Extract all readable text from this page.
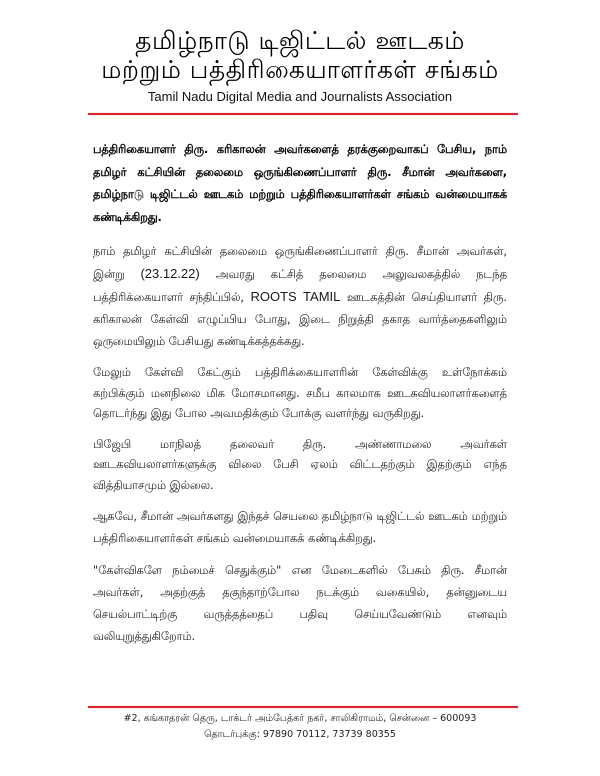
தமிழ்நாடு டிஜிட்டல் ஊடகம்
மற்றும் பத்திரிகையாளர்கள் சங்கம்
Tamil Nadu Digital Media and Journalists Association

பத்திரிகையாளர் திரு. கரிகாலன் அவர்களைத் தரக்குறைவாகப் பேசிய, நாம் தமிழர் கட்சியின் தலைமை ஒருங்கிணைப்பாளர் திரு. சீமான் அவர்களை, தமிழ்நாடு டிஜிட்டல் ஊடகம் மற்றும் பத்திரிகையாளர்கள் சங்கம் வன்மையாகக் கண்டிக்கிறது.

நாம் தமிழர் கட்சியின் தலைமை ஒருங்கிணைப்பாளர் திரு. சீமான் அவர்கள், இன்று (23.12.22) அவரது கட்சித் தலைமை அலுவலகத்தில் நடந்த பத்திரிக்கையாளர் சந்திப்பில், ROOTS TAMIL ஊடகத்தின் செய்தியாளர் திரு. கரிகாலன் கேள்வி எழுப்பிய போது, இடை நிறுத்தி தகாத வார்த்தைகளிலும் ஒருமையிலும் பேசியது கண்டிக்கத்தக்கது.

மேலும் கேள்வி கேட்கும் பத்திரிக்கையாளரின் கேள்விக்கு உள்நோக்கம் கற்பிக்கும் மனநிலை மிக மோசமானது. சமீப காலமாக ஊடகவியலாளர்களைத் தொடர்ந்து இது போல அவமதிக்கும் போக்கு வளர்ந்து வருகிறது.

பிஜேபி மாநிலத் தலைவர் திரு. அண்ணாமலை அவர்கள் ஊடகவியலாளர்களுக்கு விலை பேசி ஏலம் விட்டதற்கும் இதற்கும் எந்த வித்தியாசமும் இல்லை.

ஆகவே, சீமான் அவர்களது இந்தச் செயலை தமிழ்நாடு டிஜிட்டல் ஊடகம் மற்றும் பத்திரிகையாளர்கள் சங்கம் வன்மையாகக் கண்டிக்கிறது.

"கேள்விகளே நம்மைச் செதுக்கும்" என மேடைகளில் பேசும் திரு. சீமான் அவர்கள், அதற்குத் தகுந்தாற்போல நடக்கும் வகையில், தன்னுடைய செயல்பாட்டிற்கு வருத்தத்தைப் பதிவு செய்யவேண்டும் எனவும் வலியுறுத்துகிறோம்.

#2, கங்காதரன் தெரு, டாக்டர் அம்பேத்கர் நகர், சாலிகிராமம், சென்னை – 600093
தொடர்புக்கு: 97890 70112, 73739 80355
